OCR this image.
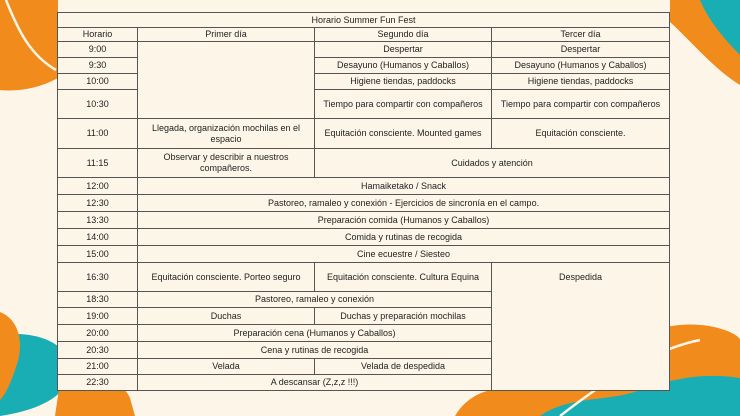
Horario Summer Fun Fest			
Horario	Primer día	Segundo día	Tercer día
9:00		Despertar	Despertar
9:30		Desayuno (Humanos y Caballos)	Desayuno (Humanos y Caballos)
10:00		Higiene tiendas, paddocks	Higiene tiendas, paddocks
10:30		Tiempo para compartir con compañeros	Tiempo para compartir con compañeros
11:00	Llegada, organización mochilas en el espacio	Equitación consciente. Mounted games	Equitación consciente.
11:15	Observar y describir a nuestros compañeros.	Cuidados y atención	
12:00	Hamaiketako / Snack		
12:30	Pastoreo, ramaleo y conexión - Ejercicios de sincronía en el campo.		
13:30	Preparación comida (Humanos y Caballos)		
14:00	Comida y rutinas de recogida		
15:00	Cine ecuestre / Siesteo		
16:30	Equitación consciente. Porteo seguro	Equitación consciente. Cultura Equina	Despedida
18:30	Pastoreo, ramaleo y conexión		
19:00	Duchas	Duchas y preparación mochilas	
20:00	Preparación cena (Humanos y Caballos)		
20:30	Cena y rutinas de recogida		
21:00	Velada	Velada de despedida	
22:30	A descansar (Z,z,z !!!)		
